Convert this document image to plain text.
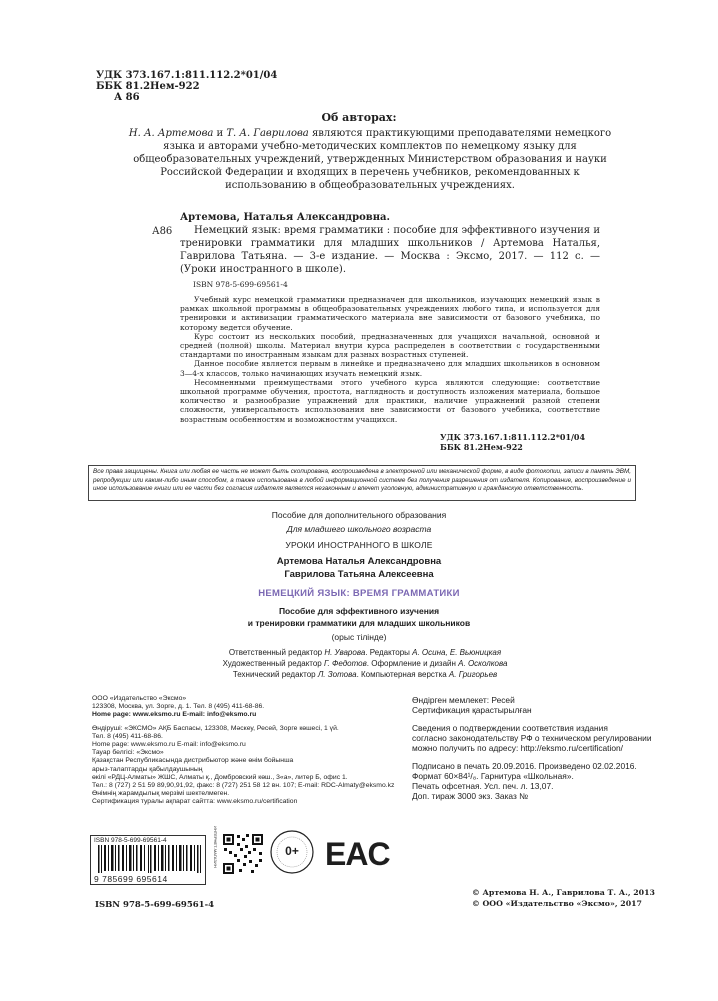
УДК 373.167.1:811.112.2*01/04
ББК 81.2Нем-922
А 86
Об авторах:
Н. А. Артемова и Т. А. Гаврилова являются практикующими преподавателями немецкого языка и авторами учебно-методических комплектов по немецкому языку для общеобразовательных учреждений, утвержденных Министерством образования и науки Российской Федерации и входящих в перечень учебников, рекомендованных к использованию в общеобразовательных учреждениях.
А86
Артемова, Наталья Александровна.

Немецкий язык: время грамматики : пособие для эффективного изучения и тренировки грамматики для младших школьников / Артемова Наталья, Гаврилова Татьяна. — 3-е издание. — Москва : Эксмо, 2017. — 112 с. — (Уроки иностранного в школе).

ISBN 978-5-699-69561-4

Учебный курс немецкой грамматики предназначен для школьников, изучающих немецкий язык в рамках школьной программы в общеобразовательных учреждениях любого типа, и используется для тренировки и активизации грамматического материала вне зависимости от базового учебника, по которому ведется обучение.

Курс состоит из нескольких пособий, предназначенных для учащихся начальной, основной и средней (полной) школы. Материал внутри курса распределен в соответствии с государственными стандартами по иностранным языкам для разных возрастных ступеней.

Данное пособие является первым в линейке и предназначено для младших школьников в основном 3—4-х классов, только начинающих изучать немецкий язык.

Несомненными преимуществами этого учебного курса являются следующие: соответствие школьной программе обучения, простота, наглядность и доступность изложения материала, большое количество и разнообразие упражнений для практики, наличие упражнений разной степени сложности, универсальность использования вне зависимости от базового учебника, соответствие возрастным особенностям и возможностям учащихся.

УДК 373.167.1:811.112.2*01/04
ББК 81.2Нем-922
Все права защищены. Книга или любая ее часть не может быть скопирована, воспроизведена в электронной или механической форме, в виде фотокопии, записи в память ЭВМ, репродукции или каким-либо иным способом, а также использована в любой информационной системе без получения разрешения от издателя. Копирование, воспроизведение и иное использование книги или ее части без согласия издателя является незаконным и влечет уголовную, административную и гражданскую ответственность.
Пособие для дополнительного образования
Для младшего школьного возраста
УРОКИ ИНОСТРАННОГО В ШКОЛЕ
Артемова Наталья Александровна
Гаврилова Татьяна Алексеевна
НЕМЕЦКИЙ ЯЗЫК: ВРЕМЯ ГРАММАТИКИ
Пособие для эффективного изучения
и тренировки грамматики для младших школьников
(орыс тілінде)
Ответственный редактор Н. Уварова. Редакторы А. Осина, Е. Вьюницкая
Художественный редактор Г. Федотов. Оформление и дизайн А. Осколкова
Технический редактор Л. Зотова. Компьютерная верстка А. Григорьев
ООО «Издательство «Эксмо»
123308, Москва, ул. Зорге, д. 1. Тел. 8 (495) 411-68-86.
Home page: www.eksmo.ru E-mail: info@eksmo.ru
Өндіруші: «ЭКСМО» АҚБ Баспасы, 123308, Мәскеу, Ресей, Зорге көшесі, 1 үй.
Тел. 8 (495) 411-68-86.
Home page: www.eksmo.ru E-mail: info@eksmo.ru
Тауар белгісі: «Эксмо»
Қазақстан Республикасында дистрибьютор және өнім бойынша
арыз-талаптарды қабылдаушының
өкілі «РДЦ-Алматы» ЖШС, Алматы қ., Домбровский көш., 3«а», литер Б, офис 1.
Тел.: 8 (727) 2 51 59 89,90,91,92, факс: 8 (727) 251 58 12 вн. 107; E-mail: RDC-Almaty@eksmo.kz
Өнімнің жарамдылық мерзімі шектелмеген.
Сертификация туралы ақпарат сайтта: www.eksmo.ru/certification
Өндірген мемлекет: Ресей
Сертификация қарастырылған
Сведения о подтверждении соответствия издания
согласно законодательству РФ о техническом регулировании
можно получить по адресу: http://eksmo.ru/certification/
Подписано в печать 20.09.2016. Произведено 02.02.2016.
Формат 60×84¹/₈. Гарнитура «Школьная».
Печать офсетная. Усл. печ. л. 13,07.
Доп. тираж 3000 экз. Заказ №
ISBN 978-5-699-69561-4
9 785699 695614
ИНТЕРНЕТ-МАГАЗИН	0+ EAC
ISBN 978-5-699-69561-4
© Артемова Н. А., Гаврилова Т. А., 2013
© ООО «Издательство «Эксмо», 2017
